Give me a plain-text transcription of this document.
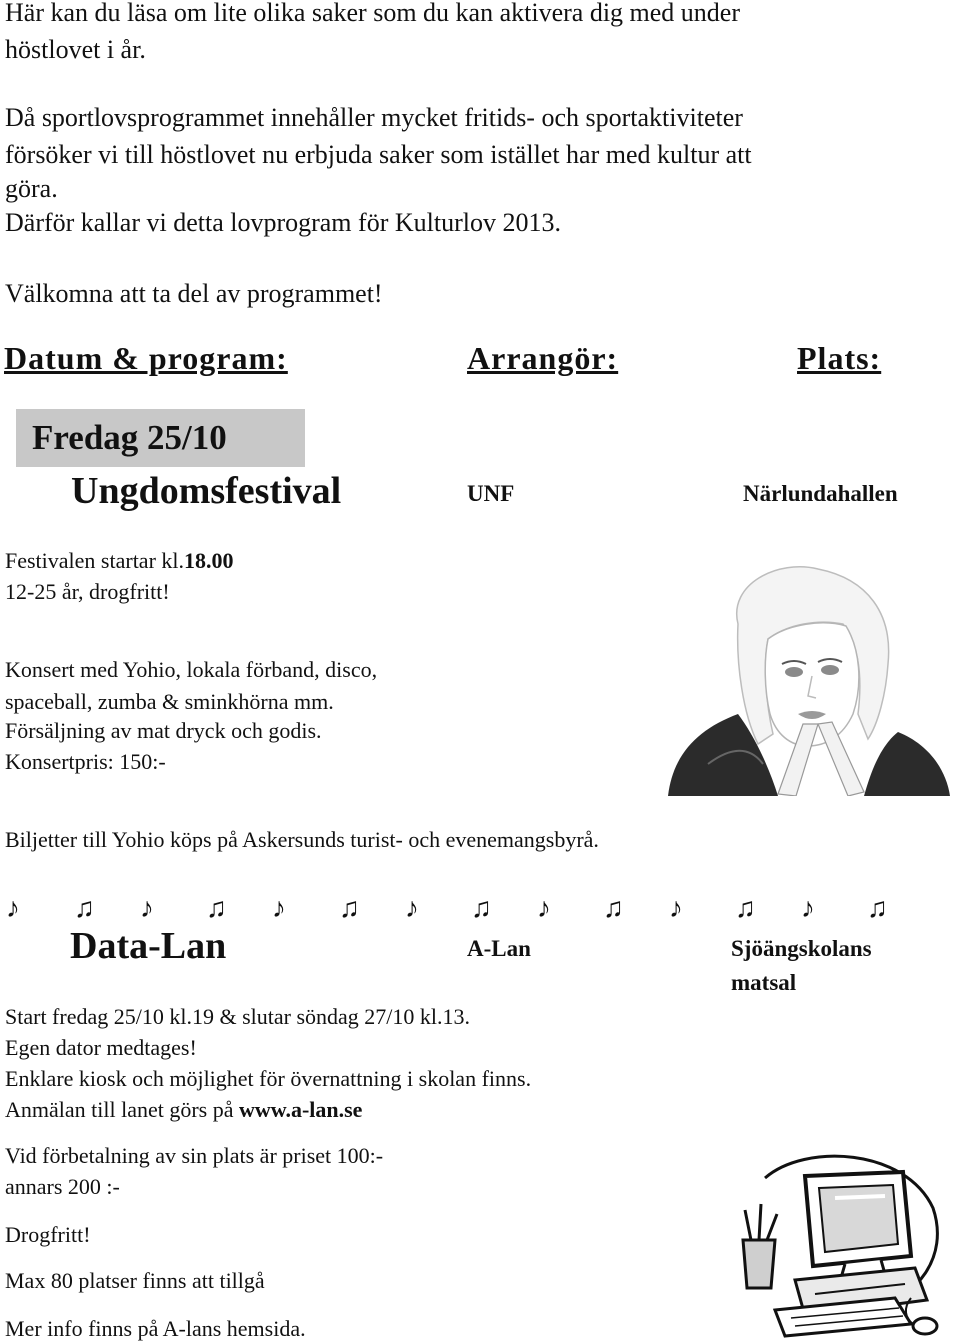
Här kan du läsa om lite olika saker som du kan aktivera dig med under
höstlovet i år.
Då sportlovsprogrammet innehåller mycket fritids- och sportaktiviteter
försöker vi till höstlovet nu erbjuda saker som istället har med kultur att
göra.
Därför kallar vi detta lovprogram för Kulturlov 2013.
Välkomna att ta del av programmet!
Datum & program:	Arrangör:	Plats:
Fredag 25/10
Ungdomsfestival	UNF	Närlundahallen
Festivalen startar kl.18.00
12-25 år, drogfritt!
Konsert med Yohio, lokala förband, disco,
spaceball, zumba & sminkhörna mm.
Försäljning av mat dryck och godis.
Konsertpris: 150:-
Biljetter till Yohio köps på Askersunds turist- och evenemangsbyrå.
♪ ♫ ♪ ♫ ♪ ♫ ♪ ♫ ♪ ♫ ♪ ♫ ♪ ♫
Data-Lan	A-Lan	Sjöängskolans
matsal
Start fredag 25/10 kl.19 & slutar söndag 27/10 kl.13.
Egen dator medtages!
Enklare kiosk och möjlighet för övernattning i skolan finns.
Anmälan till lanet görs på www.a-lan.se
Vid förbetalning av sin plats är priset 100:-
annars 200 :-
Drogfritt!
Max 80 platser finns att tillgå
Mer info finns på A-lans hemsida.
